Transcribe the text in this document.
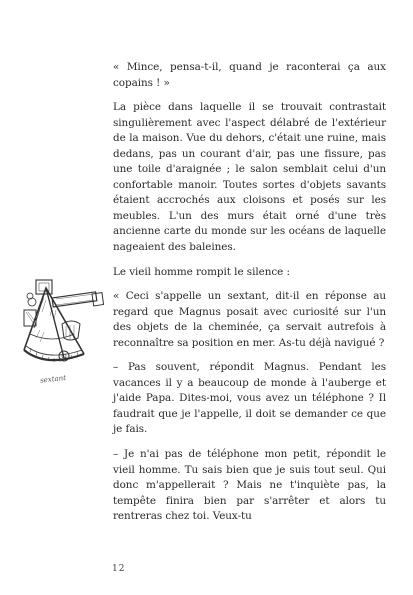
« Mince, pensa-t-il, quand je raconterai ça aux copains ! »

La pièce dans laquelle il se trouvait contrastait singulièrement avec l'aspect délabré de l'extérieur de la maison. Vue du dehors, c'était une ruine, mais dedans, pas un courant d'air, pas une fissure, pas une toile d'araignée ; le salon semblait celui d'un confortable manoir. Toutes sortes d'objets savants étaient accrochés aux cloisons et posés sur les meubles. L'un des murs était orné d'une très ancienne carte du monde sur les océans de laquelle nageaient des baleines.

Le vieil homme rompit le silence :

« Ceci s'appelle un sextant, dit-il en réponse au regard que Magnus posait avec curiosité sur l'un des objets de la cheminée, ça servait autrefois à reconnaître sa position en mer. As-tu déjà navigué ?

– Pas souvent, répondit Magnus. Pendant les vacances il y a beaucoup de monde à l'auberge et j'aide Papa. Dites-moi, vous avez un téléphone ? Il faudrait que je l'appelle, il doit se demander ce que je fais.

– Je n'ai pas de téléphone mon petit, répondit le vieil homme. Tu sais bien que je suis tout seul. Qui donc m'appellerait ? Mais ne t'inquiète pas, la tempête finira bien par s'arrêter et alors tu rentreras chez toi. Veux-tu

sextant
12
